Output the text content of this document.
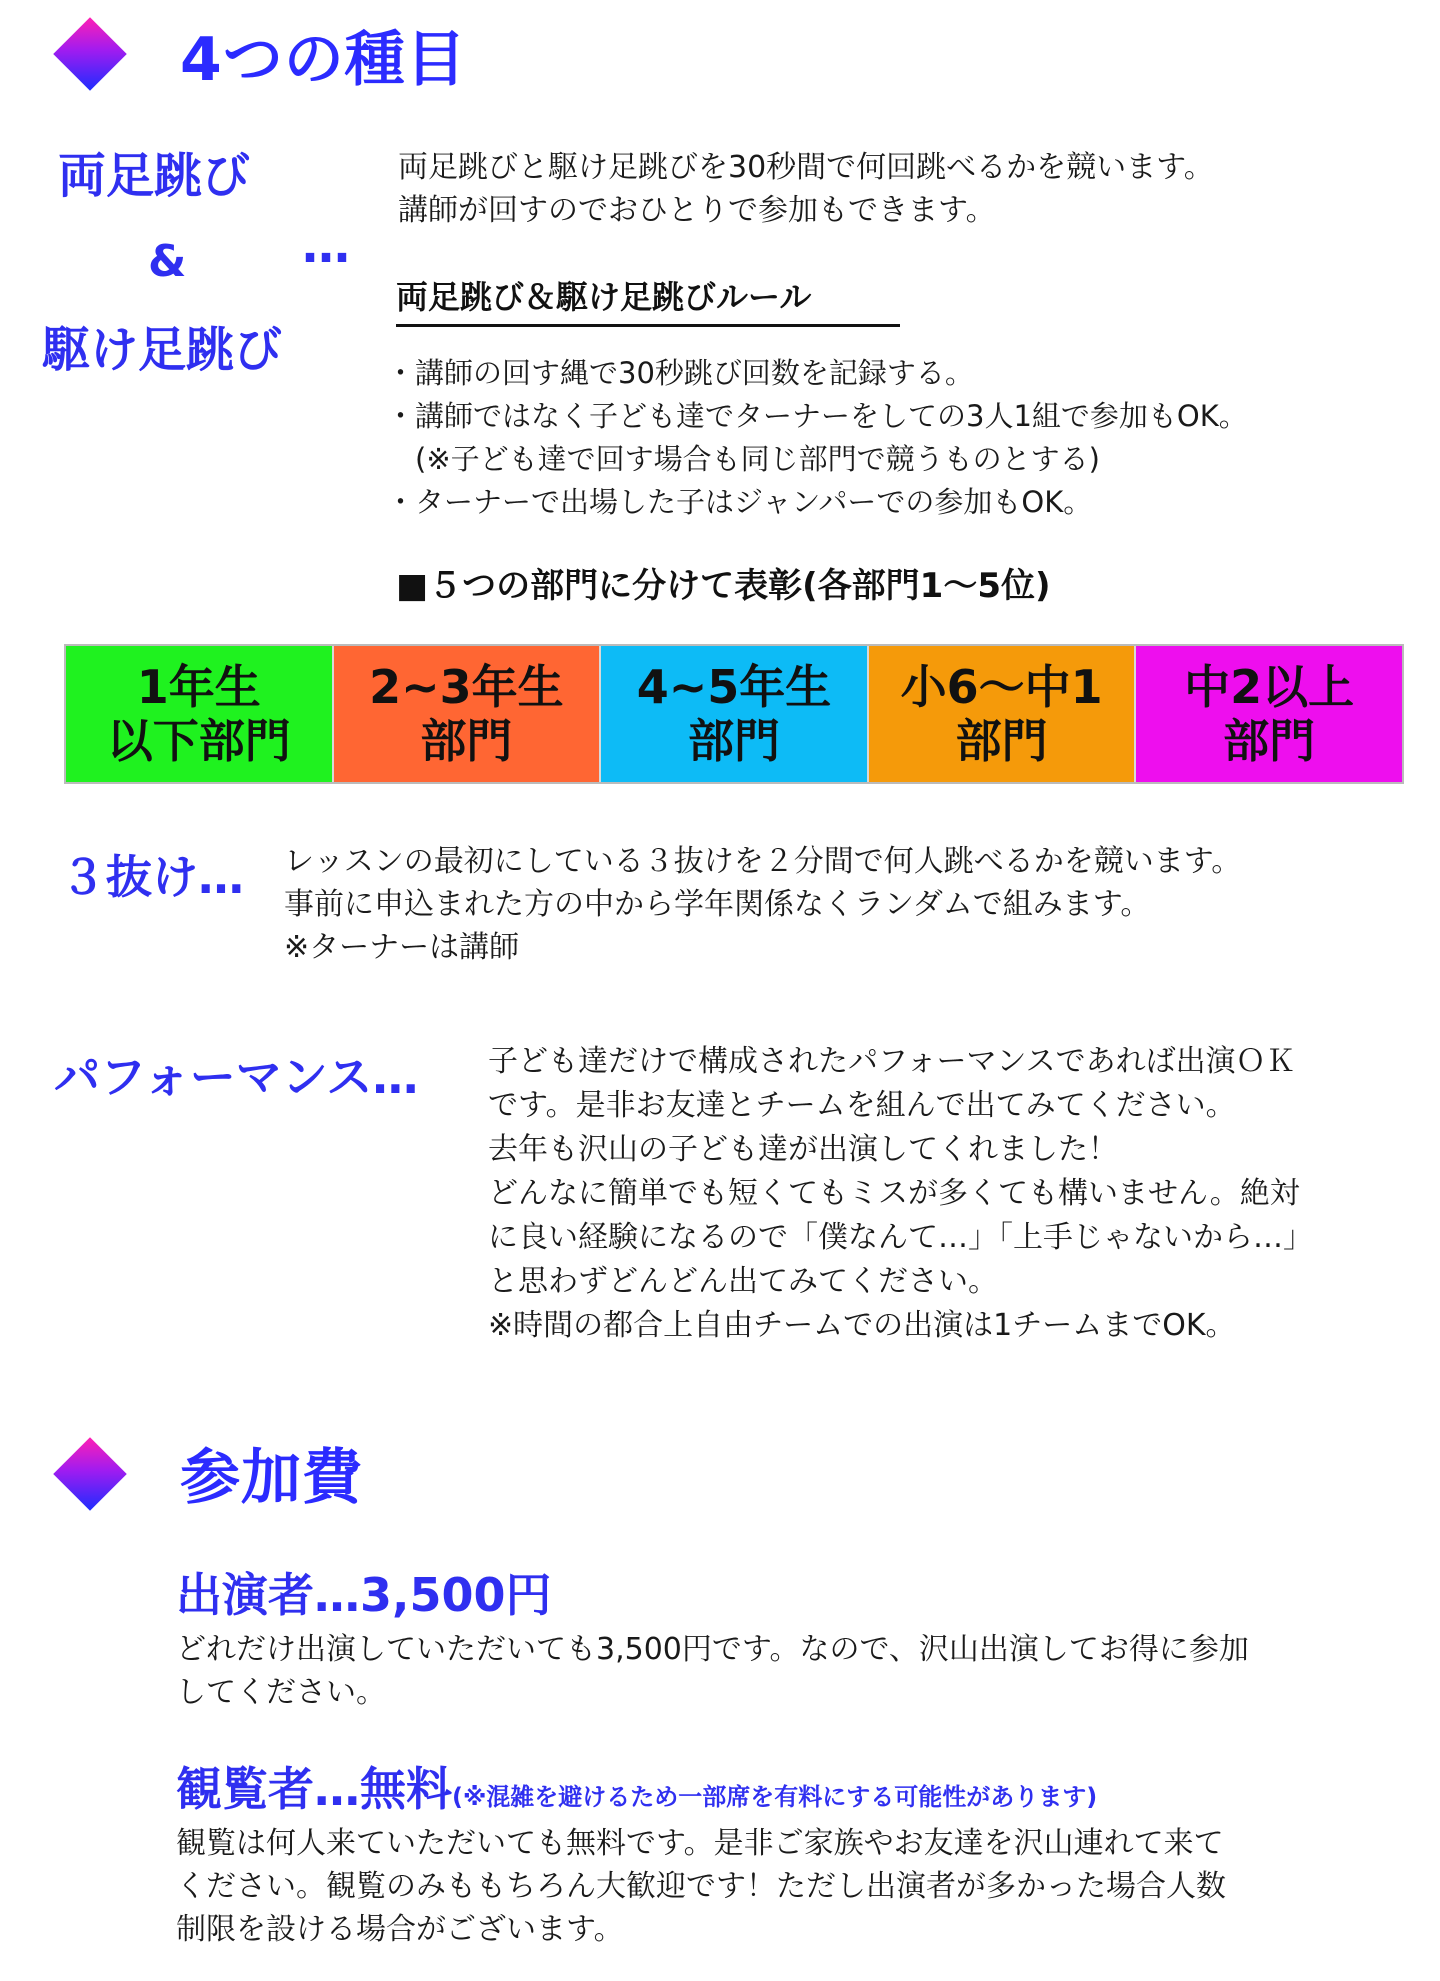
4つの種目
両足跳び
&
駆け足跳び
…
両足跳びと駆け足跳びを30秒間で何回跳べるかを競います。
講師が回すのでおひとりで参加もできます。
両足跳び＆駆け足跳びルール
・講師の回す縄で30秒跳び回数を記録する。
・講師ではなく子ども達でターナーをしての3人1組で参加もOK。
　(※子ども達で回す場合も同じ部門で競うものとする)
・ターナーで出場した子はジャンパーでの参加もOK。
■５つの部門に分けて表彰(各部門1～5位)
1年生
以下部門
2~3年生
部門
4~5年生
部門
小6～中1
部門
中2以上
部門
３抜け… レッスンの最初にしている３抜けを２分間で何人跳べるかを競います。
事前に申込まれた方の中から学年関係なくランダムで組みます。
※ターナーは講師
パフォーマンス… 子ども達だけで構成されたパフォーマンスであれば出演ＯＫ
です。是非お友達とチームを組んで出てみてください。
去年も沢山の子ども達が出演してくれました！
どんなに簡単でも短くてもミスが多くても構いません。絶対
に良い経験になるので「僕なんて…」「上手じゃないから…」
と思わずどんどん出てみてください。
※時間の都合上自由チームでの出演は1チームまでOK。
参加費
出演者…3,500円
どれだけ出演していただいても3,500円です。なので、沢山出演してお得に参加
してください。
観覧者…無料(※混雑を避けるため一部席を有料にする可能性があります)
観覧は何人来ていただいても無料です。是非ご家族やお友達を沢山連れて来て
ください。観覧のみももちろん大歓迎です！ただし出演者が多かった場合人数
制限を設ける場合がございます。
